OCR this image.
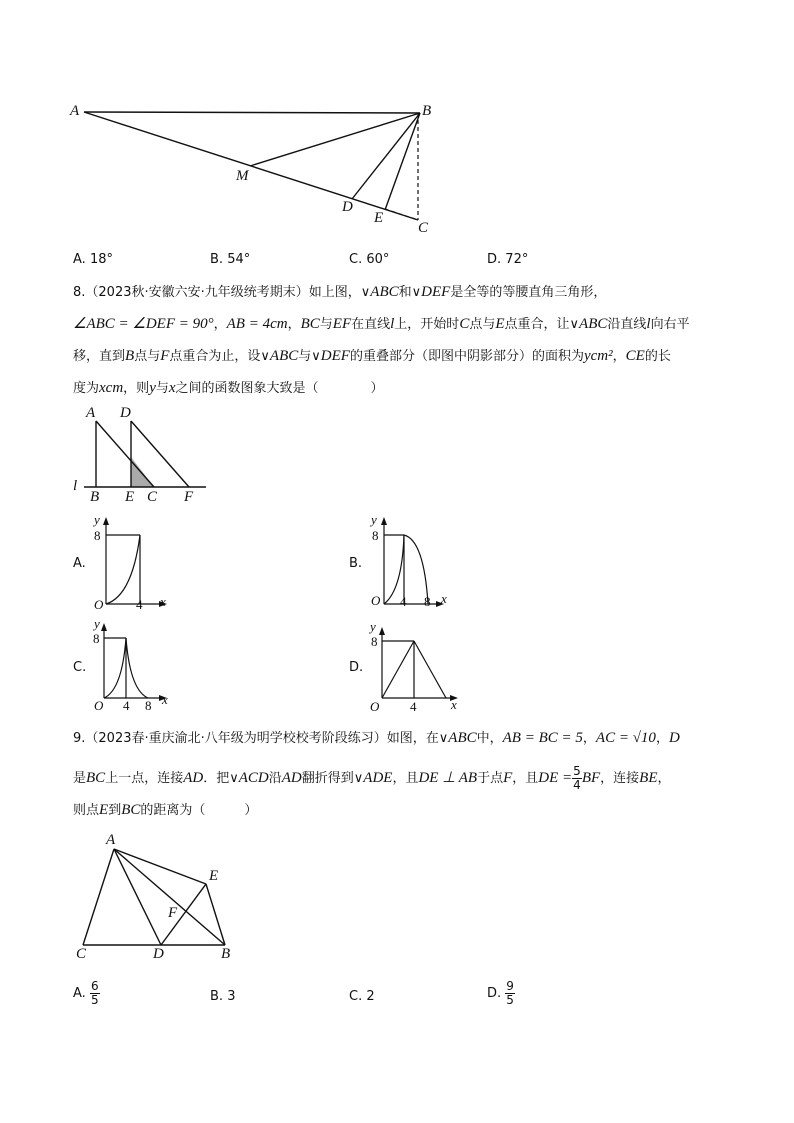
A	B
M
D
E
C
A. 18°	B. 54°	C. 60°	D. 72°
8.（2023秋·安徽六安·九年级统考期末）如上图，∨ABC和∨DEF是全等的等腰直角三角形，
∠ABC = ∠DEF = 90°，AB = 4cm，BC与EF在直线l上，开始时C点与E点重合，让∨ABC沿直线l向右平
移，直到B点与F点重合为止，设∨ABC与∨DEF的重叠部分（即图中阴影部分）的面积为ycm²，CE的长
度为xcm，则y与x之间的函数图象大致是（　　　　）
A D
l
B E C F
A.
y
8
O	4 x
B.
y
8
O 4 8 x
C.
y
8
O 4 8 x
D.
y
8
O 4	x
9.（2023春·重庆渝北·八年级为明学校校考阶段练习）如图，在∨ABC中，AB = BC = 5，AC = √10，D
是BC上一点，连接AD．把∨ACD沿AD翻折得到∨ADE，且DE ⊥ AB于点F，且DE = $\frac{5}{4}$ BF，连接BE，
则点E到BC的距离为（　　　）
A
E
F
C	D	B
A. $\frac{6}{5}$	B. 3	C. 2	D. $\frac{9}{5}$
